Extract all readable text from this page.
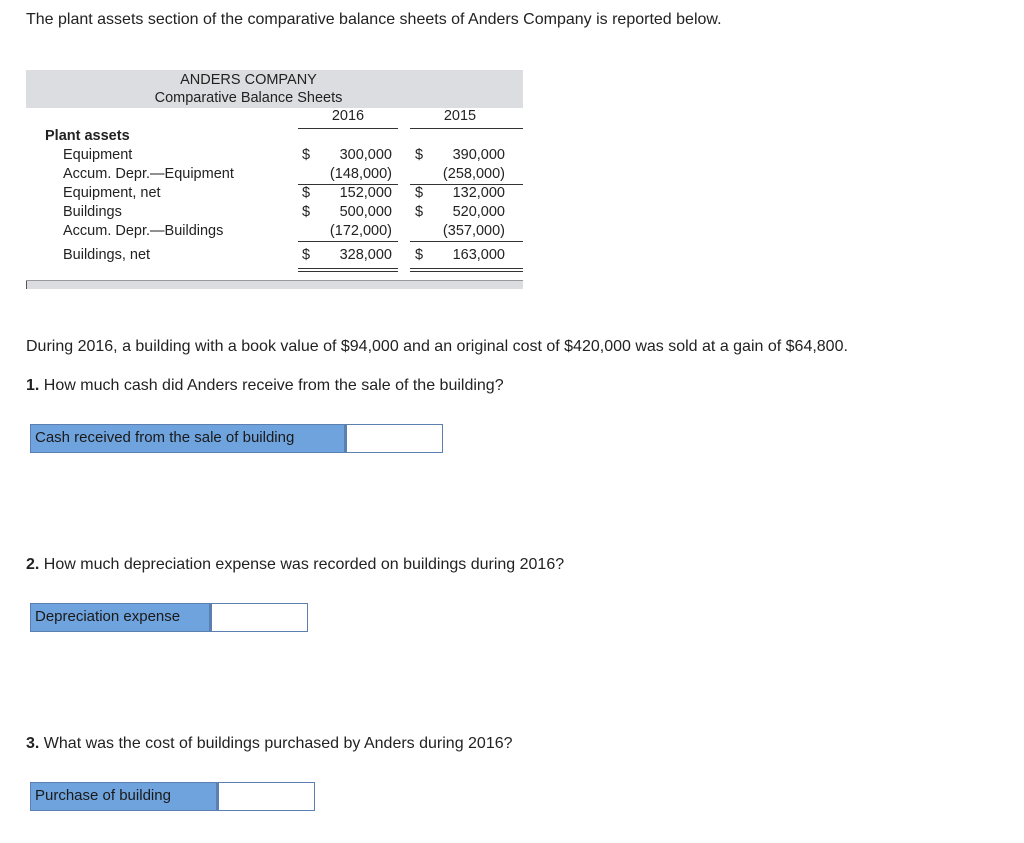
The plant assets section of the comparative balance sheets of Anders Company is reported below.
ANDERS COMPANY
Comparative Balance Sheets
2016	2015
Plant assets
Equipment
Accum. Depr.—Equipment
Equipment, net
Buildings
Accum. Depr.—Buildings
Buildings, net
$ 300,000
(148,000)
$ 152,000
$ 500,000
(172,000)
$ 328,000
$ 390,000
(258,000)
$ 132,000
$ 520,000
(357,000)
$ 163,000
During 2016, a building with a book value of $94,000 and an original cost of $420,000 was sold at a gain of $64,800.
1. How much cash did Anders receive from the sale of the building?
Cash received from the sale of building
2. How much depreciation expense was recorded on buildings during 2016?
Depreciation expense
3. What was the cost of buildings purchased by Anders during 2016?
Purchase of building
